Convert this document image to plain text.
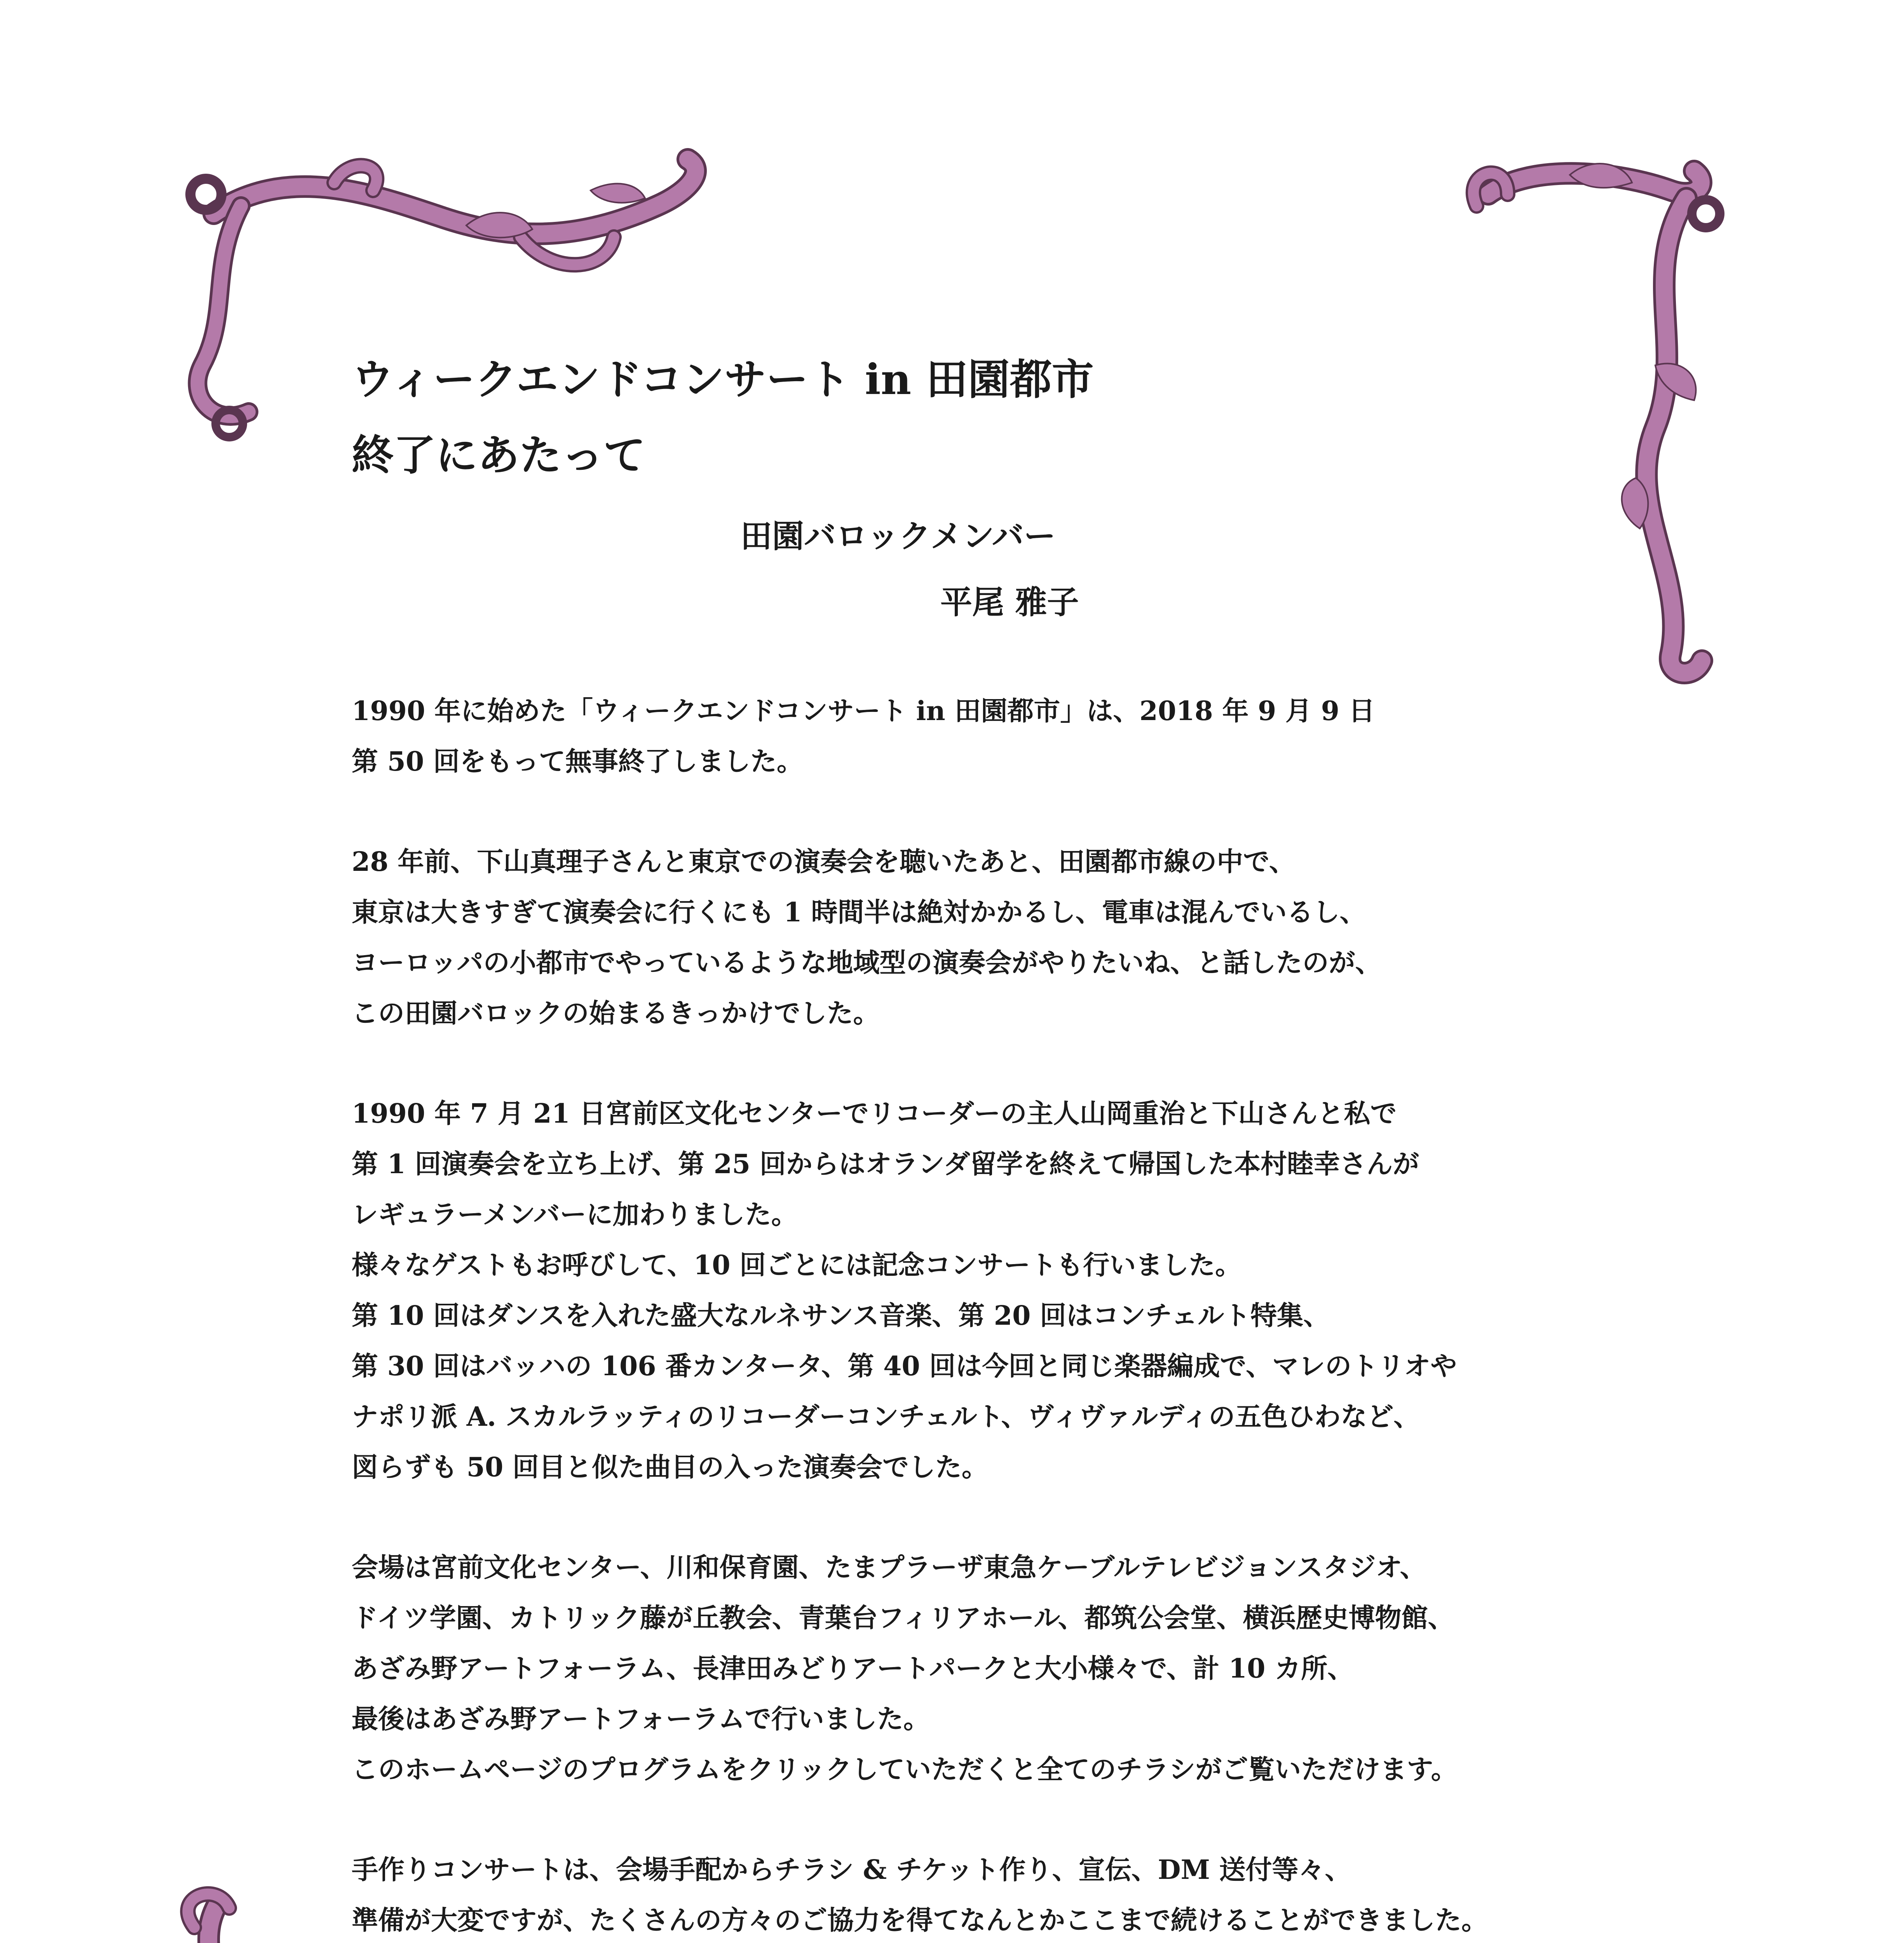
ウィークエンドコンサート in 田園都市

終了にあたって

田園バロックメンバー
平尾 雅子
1990 年に始めた「ウィークエンドコンサート in 田園都市」は、2018 年 9 月 9 日
第 50 回をもって無事終了しました。
28 年前、下山真理子さんと東京での演奏会を聴いたあと、田園都市線の中で、
東京は大きすぎて演奏会に行くにも 1 時間半は絶対かかるし、電車は混んでいるし、
ヨーロッパの小都市でやっているような地域型の演奏会がやりたいね、と話したのが、
この田園バロックの始まるきっかけでした。
1990 年 7 月 21 日宮前区文化センターでリコーダーの主人山岡重治と下山さんと私で
第 1 回演奏会を立ち上げ、第 25 回からはオランダ留学を終えて帰国した本村睦幸さんが
レギュラーメンバーに加わりました。
様々なゲストもお呼びして、10 回ごとには記念コンサートも行いました。
第 10 回はダンスを入れた盛大なルネサンス音楽、第 20 回はコンチェルト特集、
第 30 回はバッハの 106 番カンタータ、第 40 回は今回と同じ楽器編成で、マレのトリオや
ナポリ派 A. スカルラッティのリコーダーコンチェルト、ヴィヴァルディの五色ひわなど、
図らずも 50 回目と似た曲目の入った演奏会でした。
会場は宮前文化センター、川和保育園、たまプラーザ東急ケーブルテレビジョンスタジオ、
ドイツ学園、カトリック藤が丘教会、青葉台フィリアホール、都筑公会堂、横浜歴史博物館、
あざみ野アートフォーラム、長津田みどりアートパークと大小様々で、計 10 カ所、
最後はあざみ野アートフォーラムで行いました。
このホームページのプログラムをクリックしていただくと全てのチラシがご覧いただけます。
手作りコンサートは、会場手配からチラシ & チケット作り、宣伝、DM 送付等々、
準備が大変ですが、たくさんの方々のご協力を得てなんとかここまで続けることができました。
